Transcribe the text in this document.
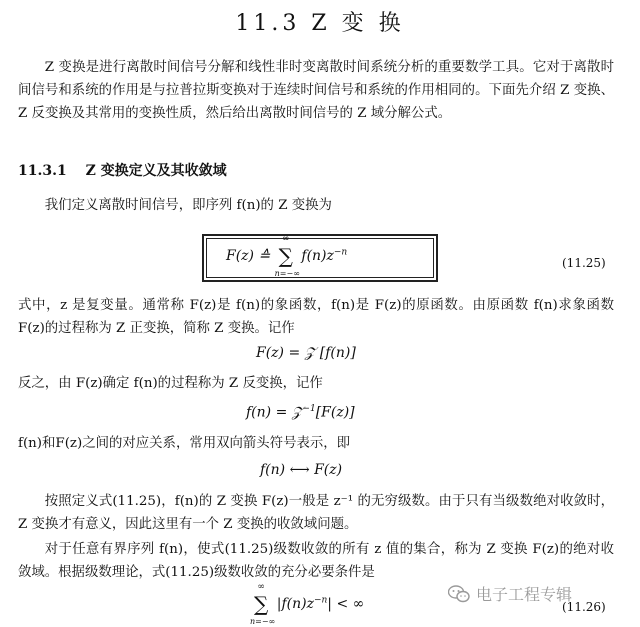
11.3 Z 变 换
Z 变换是进行离散时间信号分解和线性非时变离散时间系统分析的重要数学工具。它对于离散时间信号和系统的作用是与拉普拉斯变换对于连续时间信号和系统的作用相同的。下面先介绍 Z 变换、Z 反变换及其常用的变换性质，然后给出离散时间信号的 Z 域分解公式。
11.3.1 Z 变换定义及其收敛域
我们定义离散时间信号，即序列 f(n)的 Z 变换为
F(z) ≙ ∑
∞
n=−∞
$f(n)z^{-n}$
(11.25)
式中，z 是复变量。通常称 F(z)是 f(n)的象函数，f(n)是 F(z)的原函数。由原函数 f(n)求象函数 F(z)的过程称为 Z 正变换，简称 Z 变换。记作
F(z) = 𝒵 [f(n)]
反之，由 F(z)确定 f(n)的过程称为 Z 反变换，记作
f(n) = 𝒵$^{-1}$[F(z)]
f(n)和F(z)之间的对应关系，常用双向箭头符号表示，即
f(n) ⟷ F(z)
按照定义式(11.25)，f(n)的 Z 变换 F(z)一般是 z⁻¹ 的无穷级数。由于只有当级数绝对收敛时，Z 变换才有意义，因此这里有一个 Z 变换的收敛域问题。
对于任意有界序列 f(n)，使式(11.25)级数收敛的所有 z 值的集合，称为 Z 变换 F(z)的绝对收敛域。根据级数理论，式(11.25)级数收敛的充分必要条件是
∑
∞
n=−∞
$|f(n)z^{-n}|$ < ∞	(11.26)
电子工程专辑
